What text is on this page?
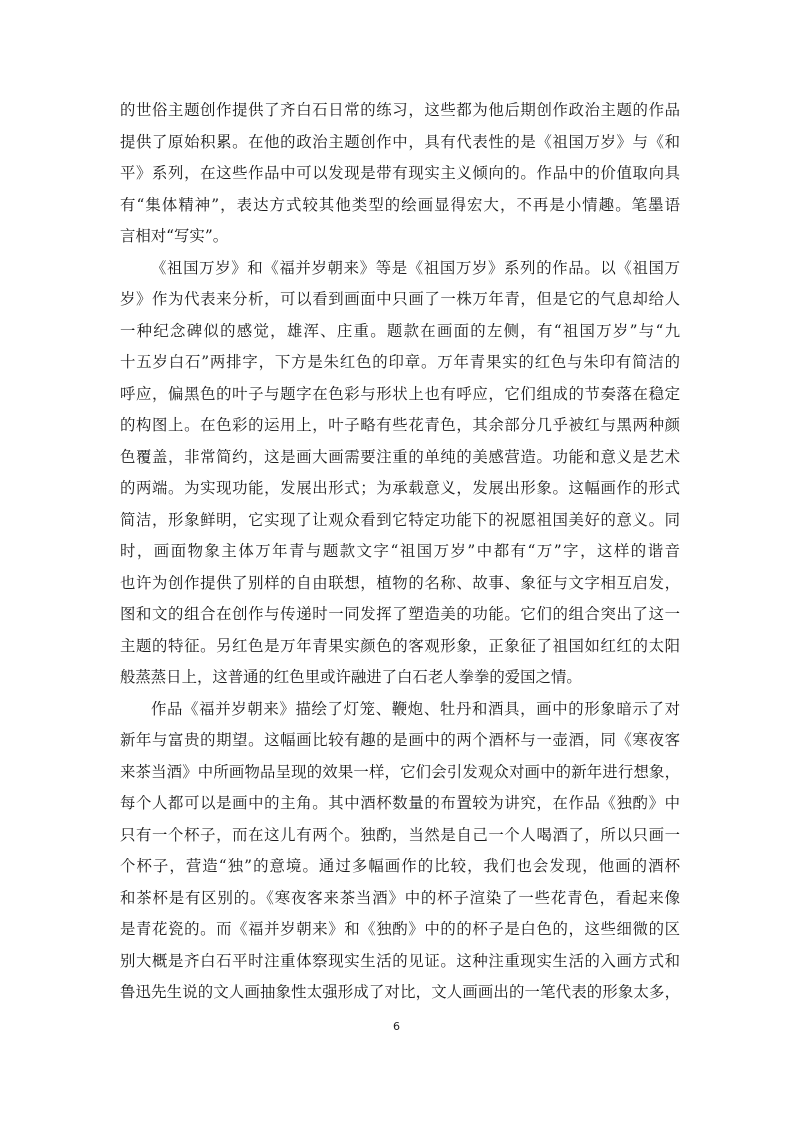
的世俗主题创作提供了齐白石日常的练习，这些都为他后期创作政治主题的作品
提供了原始积累。在他的政治主题创作中，具有代表性的是《祖国万岁》与《和
平》系列，在这些作品中可以发现是带有现实主义倾向的。作品中的价值取向具
有“集体精神”，表达方式较其他类型的绘画显得宏大，不再是小情趣。笔墨语
言相对“写实”。
《祖国万岁》和《福并岁朝来》等是《祖国万岁》系列的作品。以《祖国万
岁》作为代表来分析，可以看到画面中只画了一株万年青，但是它的气息却给人
一种纪念碑似的感觉，雄浑、庄重。题款在画面的左侧，有“祖国万岁”与“九
十五岁白石”两排字，下方是朱红色的印章。万年青果实的红色与朱印有简洁的
呼应，偏黑色的叶子与题字在色彩与形状上也有呼应，它们组成的节奏落在稳定
的构图上。在色彩的运用上，叶子略有些花青色，其余部分几乎被红与黑两种颜
色覆盖，非常简约，这是画大画需要注重的单纯的美感营造。功能和意义是艺术
的两端。为实现功能，发展出形式；为承载意义，发展出形象。这幅画作的形式
简洁，形象鲜明，它实现了让观众看到它特定功能下的祝愿祖国美好的意义。同
时，画面物象主体万年青与题款文字“祖国万岁”中都有“万”字，这样的谐音
也许为创作提供了别样的自由联想，植物的名称、故事、象征与文字相互启发，
图和文的组合在创作与传递时一同发挥了塑造美的功能。它们的组合突出了这一
主题的特征。另红色是万年青果实颜色的客观形象，正象征了祖国如红红的太阳
般蒸蒸日上，这普通的红色里或许融进了白石老人拳拳的爱国之情。
作品《福并岁朝来》描绘了灯笼、鞭炮、牡丹和酒具，画中的形象暗示了对
新年与富贵的期望。这幅画比较有趣的是画中的两个酒杯与一壶酒，同《寒夜客
来茶当酒》中所画物品呈现的效果一样，它们会引发观众对画中的新年进行想象，
每个人都可以是画中的主角。其中酒杯数量的布置较为讲究，在作品《独酌》中
只有一个杯子，而在这儿有两个。独酌，当然是自己一个人喝酒了，所以只画一
个杯子，营造“独”的意境。通过多幅画作的比较，我们也会发现，他画的酒杯
和茶杯是有区别的。《寒夜客来茶当酒》中的杯子渲染了一些花青色，看起来像
是青花瓷的。而《福并岁朝来》和《独酌》中的的杯子是白色的，这些细微的区
别大概是齐白石平时注重体察现实生活的见证。这种注重现实生活的入画方式和
鲁迅先生说的文人画抽象性太强形成了对比，文人画画出的一笔代表的形象太多，
6
